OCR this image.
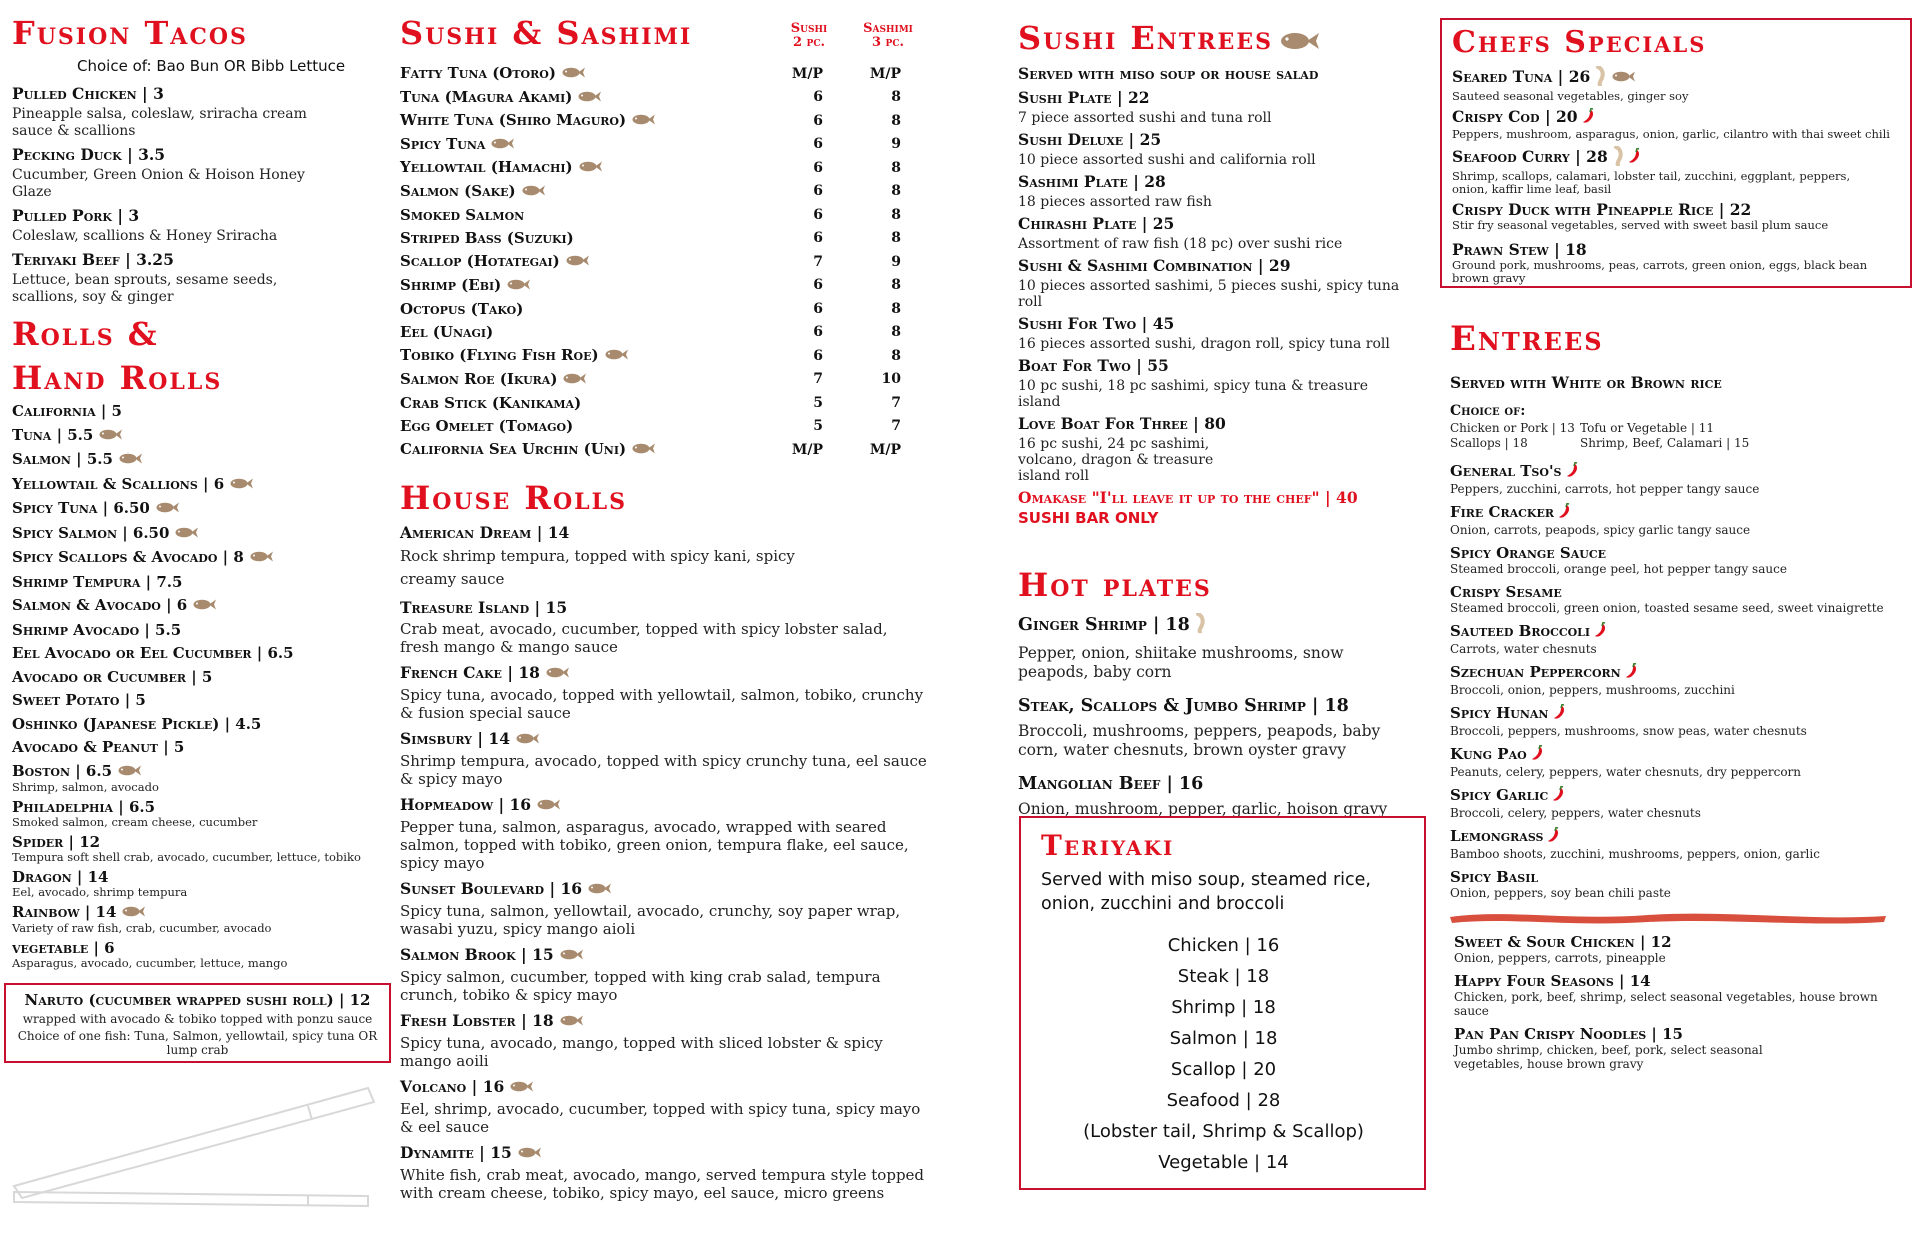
Fusion Tacos
Choice of: Bao Bun OR Bibb Lettuce
Pulled Chicken | 3
Pineapple salsa, coleslaw, sriracha cream sauce & scallions
Pecking Duck | 3.5
Cucumber, Green Onion & Hoison Honey Glaze
Pulled Pork | 3
Coleslaw, scallions & Honey Sriracha
Teriyaki Beef | 3.25
Lettuce, bean sprouts, sesame seeds, scallions, soy & ginger
Rolls &
Hand Rolls
California | 5
Tuna | 5.5
Salmon | 5.5
Yellowtail & Scallions | 6
Spicy Tuna | 6.50
Spicy Salmon | 6.50
Spicy Scallops & Avocado | 8
Shrimp Tempura | 7.5
Salmon & Avocado | 6
Shrimp Avocado | 5.5
Eel Avocado or Eel Cucumber | 6.5
Avocado or Cucumber | 5
Sweet Potato | 5
Oshinko (Japanese Pickle) | 4.5
Avocado & Peanut | 5
Boston | 6.5
Shrimp, salmon, avocado
Philadelphia | 6.5
Smoked salmon, cream cheese, cucumber
Spider | 12
Tempura soft shell crab, avocado, cucumber, lettuce, tobiko
Dragon | 14
Eel, avocado, shrimp tempura
Rainbow | 14
Variety of raw fish, crab, cucumber, avocado
vegetable | 6
Asparagus, avocado, cucumber, lettuce, mango
Naruto (cucumber wrapped sushi roll) | 12
wrapped with avocado & tobiko topped with ponzu sauce
Choice of one fish: Tuna, Salmon, yellowtail, spicy tuna OR lump crab
Sushi & Sashimi	Sushi
2 pc.
Sashimi
3 pc.
Fatty Tuna (Otoro)	M/P	M/P
Tuna (Magura Akami)	6	8
White Tuna (Shiro Maguro)	6	8
Spicy Tuna	6	9
Yellowtail (Hamachi)	6	8
Salmon (Sake)	6	8
Smoked Salmon	6	8
Striped Bass (Suzuki)	6	8
Scallop (Hotategai)	7	9
Shrimp (Ebi)	6	8
Octopus (Tako)	6	8
Eel (Unagi)	6	8
Tobiko (Flying Fish Roe)	6	8
Salmon Roe (Ikura)	7	10
Crab Stick (Kanikama)	5	7
Egg Omelet (Tomago)	5	7
California Sea Urchin (Uni)	M/P	M/P
House Rolls
American Dream | 14
Rock shrimp tempura, topped with spicy kani, spicy creamy sauce
Treasure Island | 15
Crab meat, avocado, cucumber, topped with spicy lobster salad, fresh mango & mango sauce
French Cake | 18
Spicy tuna, avocado, topped with yellowtail, salmon, tobiko, crunchy & fusion special sauce
Simsbury | 14
Shrimp tempura, avocado, topped with spicy crunchy tuna, eel sauce & spicy mayo
Hopmeadow | 16
Pepper tuna, salmon, asparagus, avocado, wrapped with seared salmon, topped with tobiko, green onion, tempura flake, eel sauce, spicy mayo
Sunset Boulevard | 16
Spicy tuna, salmon, yellowtail, avocado, crunchy, soy paper wrap, wasabi yuzu, spicy mango aioli
Salmon Brook | 15
Spicy salmon, cucumber, topped with king crab salad, tempura crunch, tobiko & spicy mayo
Fresh Lobster | 18
Spicy tuna, avocado, mango, topped with sliced lobster & spicy mango aoili
Volcano | 16
Eel, shrimp, avocado, cucumber, topped with spicy tuna, spicy mayo & eel sauce
Dynamite | 15
White fish, crab meat, avocado, mango, served tempura style topped with cream cheese, tobiko, spicy mayo, eel sauce, micro greens
Sushi Entrees
Served with miso soup or house salad
Sushi Plate | 22
7 piece assorted sushi and tuna roll
Sushi Deluxe | 25
10 piece assorted sushi and california roll
Sashimi Plate | 28
18 pieces assorted raw fish
Chirashi Plate | 25
Assortment of raw fish (18 pc) over sushi rice
Sushi & Sashimi Combination | 29
10 pieces assorted sashimi, 5 pieces sushi, spicy tuna roll
Sushi For Two | 45
16 pieces assorted sushi, dragon roll, spicy tuna roll
Boat For Two | 55
10 pc sushi, 18 pc sashimi, spicy tuna & treasure island
Love Boat For Three | 80
16 pc sushi, 24 pc sashimi, volcano, dragon & treasure island roll
Omakase "I'll leave it up to the chef" | 40
SUSHI BAR ONLY
Hot plates
Ginger Shrimp | 18
Pepper, onion, shiitake mushrooms, snow peapods, baby corn
Steak, Scallops & Jumbo Shrimp | 18
Broccoli, mushrooms, peppers, peapods, baby corn, water chesnuts, brown oyster gravy
Mangolian Beef | 16
Onion, mushroom, pepper, garlic, hoison gravy
Teriyaki
Served with miso soup, steamed rice, onion, zucchini and broccoli
Chicken | 16
Steak | 18
Shrimp | 18
Salmon | 18
Scallop | 20
Seafood | 28
(Lobster tail, Shrimp & Scallop)
Vegetable | 14
Chefs Specials
Seared Tuna | 26
Sauteed seasonal vegetables, ginger soy
Crispy Cod | 20
Peppers, mushroom, asparagus, onion, garlic, cilantro with thai sweet chili
Seafood Curry | 28
Shrimp, scallops, calamari, lobster tail, zucchini, eggplant, peppers, onion, kaffir lime leaf, basil
Crispy Duck with Pineapple Rice | 22
Stir fry seasonal vegetables, served with sweet basil plum sauce
Prawn Stew | 18
Ground pork, mushrooms, peas, carrots, green onion, eggs, black bean brown gravy
Entrees
Served with White or Brown rice
Choice of:
Chicken or Pork | 13 Tofu or Vegetable | 11
Scallops | 18	Shrimp, Beef, Calamari | 15
General Tso's
Peppers, zucchini, carrots, hot pepper tangy sauce
Fire Cracker
Onion, carrots, peapods, spicy garlic tangy sauce
Spicy Orange Sauce
Steamed broccoli, orange peel, hot pepper tangy sauce
Crispy Sesame
Steamed broccoli, green onion, toasted sesame seed, sweet vinaigrette
Sauteed Broccoli
Carrots, water chesnuts
Szechuan Peppercorn
Broccoli, onion, peppers, mushrooms, zucchini
Spicy Hunan
Broccoli, peppers, mushrooms, snow peas, water chesnuts
Kung Pao
Peanuts, celery, peppers, water chesnuts, dry peppercorn
Spicy Garlic
Broccoli, celery, peppers, water chesnuts
Lemongrass
Bamboo shoots, zucchini, mushrooms, peppers, onion, garlic
Spicy Basil
Onion, peppers, soy bean chili paste
Sweet & Sour Chicken | 12
Onion, peppers, carrots, pineapple
Happy Four Seasons | 14
Chicken, pork, beef, shrimp, select seasonal vegetables, house brown sauce
Pan Pan Crispy Noodles | 15
Jumbo shrimp, chicken, beef, pork, select seasonal vegetables, house brown gravy
